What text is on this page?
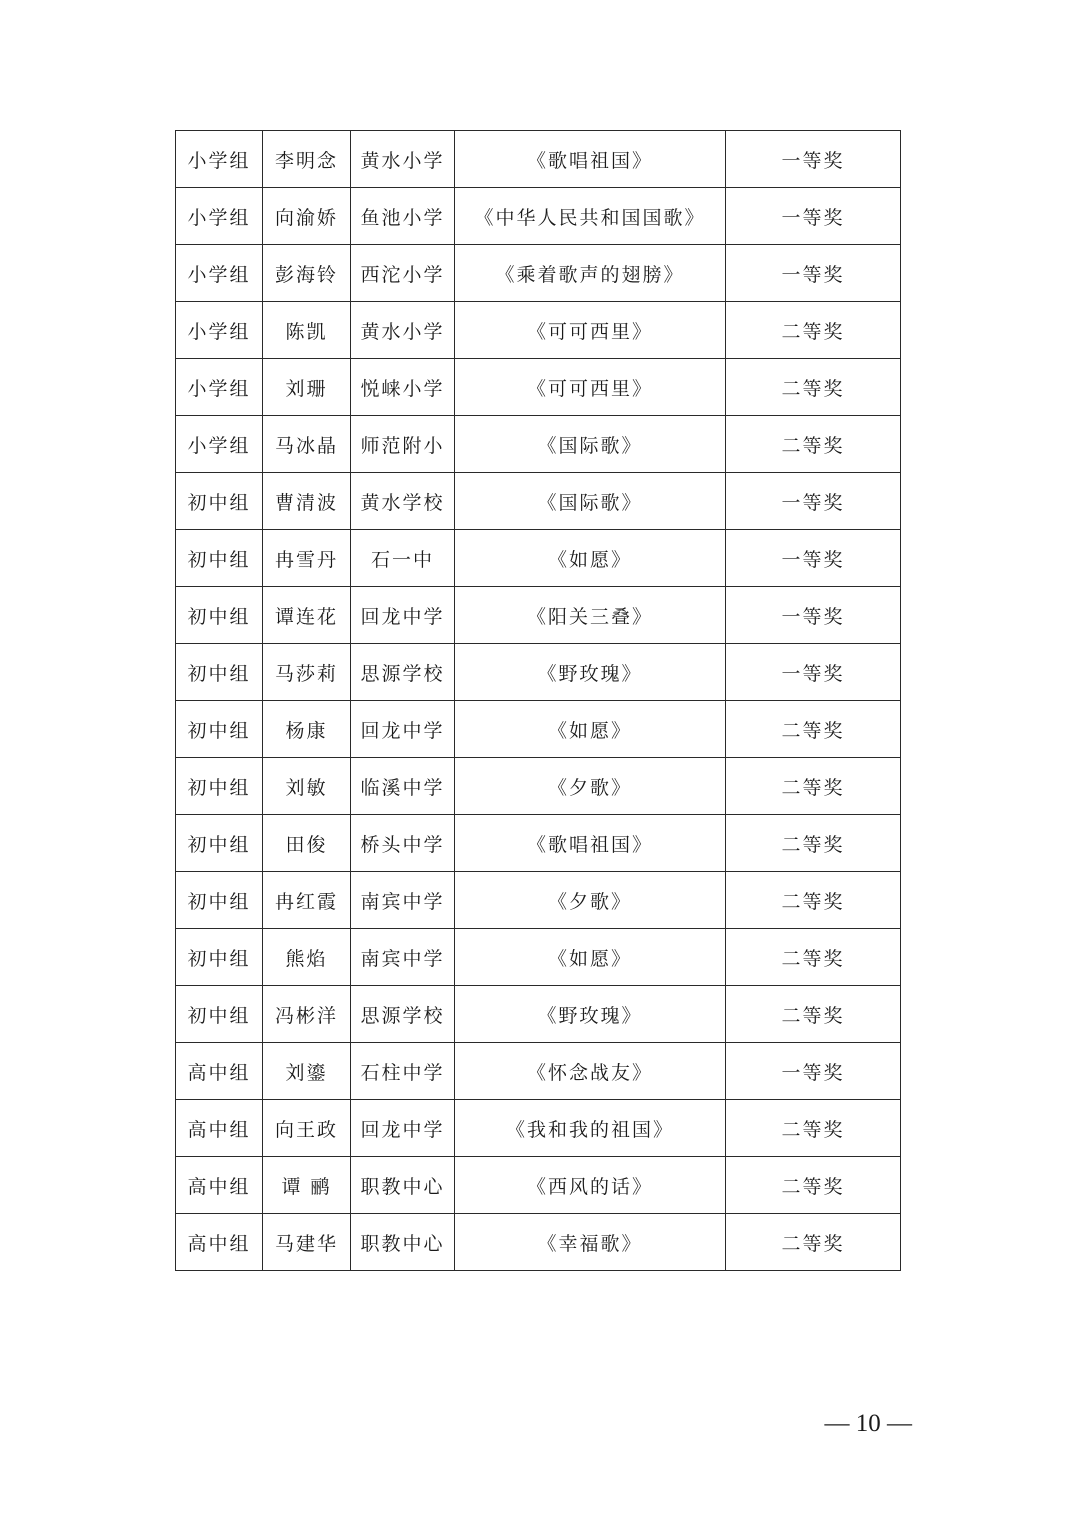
小学组	李明念	黄水小学	《歌唱祖国》	一等奖
小学组	向渝娇	鱼池小学	《中华人民共和国国歌》	一等奖
小学组	彭海铃	西沱小学	《乘着歌声的翅膀》	一等奖
小学组	陈凯	黄水小学	《可可西里》	二等奖
小学组	刘珊	悦崃小学	《可可西里》	二等奖
小学组	马冰晶	师范附小	《国际歌》	二等奖
初中组	曹清波	黄水学校	《国际歌》	一等奖
初中组	冉雪丹	石一中	《如愿》	一等奖
初中组	谭连花	回龙中学	《阳关三叠》	一等奖
初中组	马莎莉	思源学校	《野玫瑰》	一等奖
初中组	杨康	回龙中学	《如愿》	二等奖
初中组	刘敏	临溪中学	《夕歌》	二等奖
初中组	田俊	桥头中学	《歌唱祖国》	二等奖
初中组	冉红霞	南宾中学	《夕歌》	二等奖
初中组	熊焰	南宾中学	《如愿》	二等奖
初中组	冯彬洋	思源学校	《野玫瑰》	二等奖
高中组	刘鎏	石柱中学	《怀念战友》	一等奖
高中组	向王政	回龙中学	《我和我的祖国》	二等奖
高中组	谭 鹂	职教中心	《西风的话》	二等奖
高中组	马建华	职教中心	《幸福歌》	二等奖
— 10 —
